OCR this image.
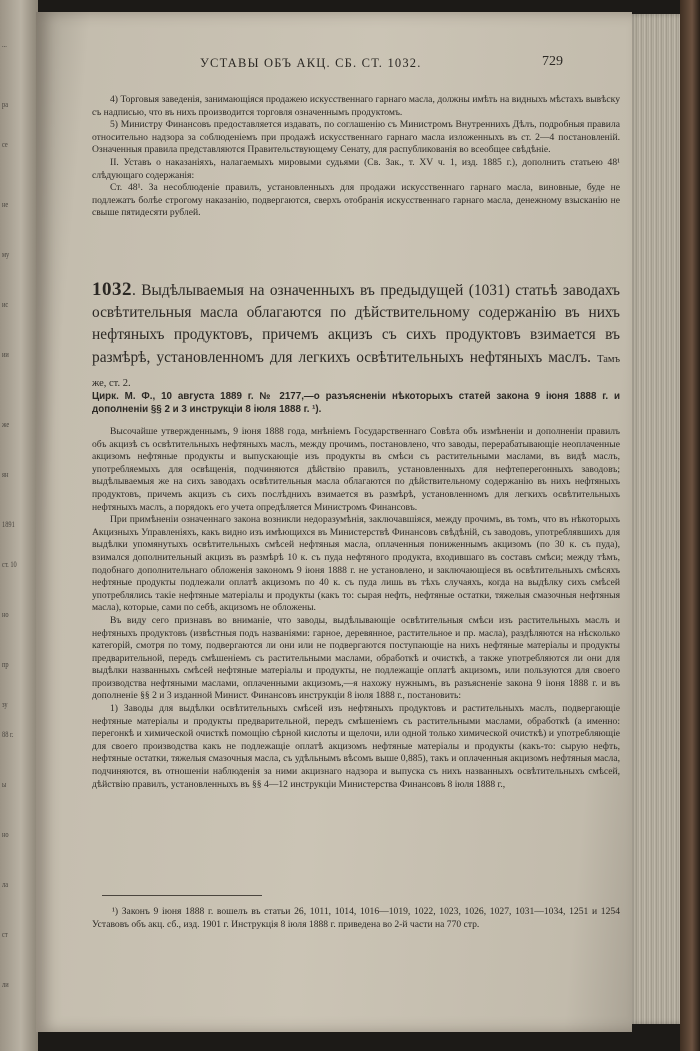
...
ра
се
не
му
ис
ии
же
ян
1891
ст. 10
но
пр
зу
88 г.
ы
но
ла
ст
ли
УСТАВЫ ОБЪ АКЦ. СБ. СТ. 1032.	729

4) Торговыя заведенія, занимающіяся продажею искусственнаго гарнаго масла, должны имѣть на видныхъ мѣстахъ вывѣску съ надписью, что въ нихъ производится торговля означеннымъ продуктомъ.

5) Министру Финансовъ предоставляется издавать, по соглашенію съ Министромъ Внутреннихъ Дѣлъ, подробныя правила относительно надзора за соблюденіемъ при продажѣ искусственнаго гарнаго масла изложенныхъ въ ст. 2—4 постановленій. Означенныя правила представляются Правительствующему Сенату, для распубликованія во всеобщее свѣдѣніе.

II. Уставъ о наказаніяхъ, налагаемыхъ мировыми судьями (Св. Зак., т. XV ч. 1, изд. 1885 г.), дополнить статьею 48¹ слѣдующаго содержанія:

Ст. 48¹. За несоблюденіе правилъ, установленныхъ для продажи искусственнаго гарнаго масла, виновные, буде не подлежатъ болѣе строгому наказанію, подвергаются, сверхъ отобранія искусственнаго гарнаго масла, денежному взысканію не свыше пятидесяти рублей.

1032. Выдѣлываемыя на означенныхъ въ предыдущей (1031) статьѣ заводахъ освѣтительныя масла облагаются по дѣйствительному содержанію въ нихъ нефтяныхъ продуктовъ, причемъ акцизъ съ сихъ продуктовъ взимается въ размѣрѣ, установленномъ для легкихъ освѣтительныхъ нефтяныхъ маслъ. Тамъ же, ст. 2.
Цирк. М. Ф., 10 августа 1889 г. № 2177,—о разъясненіи нѣкоторыхъ статей закона 9 іюня 1888 г. и дополненіи §§ 2 и 3 инструкціи 8 іюля 1888 г. ¹).

Высочайше утвержденнымъ, 9 іюня 1888 года, мнѣніемъ Государственнаго Совѣта объ измѣненіи и дополненіи правилъ объ акцизѣ съ освѣтительныхъ нефтяныхъ маслъ, между прочимъ, постановлено, что заводы, перерабатывающіе неоплаченные акцизомъ нефтяные продукты и выпускающіе изъ продукты въ смѣси съ растительными маслами, въ видѣ маслъ, употребляемыхъ для освѣщенія, подчиняются дѣйствію правилъ, установленныхъ для нефтеперегонныхъ заводовъ; выдѣлываемыя же на сихъ заводахъ освѣтительныя масла облагаются по дѣйствительному содержанію въ нихъ нефтяныхъ продуктовъ, причемъ акцизъ съ сихъ послѣднихъ взимается въ размѣрѣ, установленномъ для легкихъ освѣтительныхъ нефтяныхъ маслъ, а порядокъ его учета опредѣляется Министромъ Финансовъ.

При примѣненіи означеннаго закона возникли недоразумѣнія, заключавшіяся, между прочимъ, въ томъ, что въ нѣкоторыхъ Акцизныхъ Управленіяхъ, какъ видно изъ имѣющихся въ Министерствѣ Финансовъ свѣдѣній, съ заводовъ, употреблявшихъ для выдѣлки упомянутыхъ освѣтительныхъ смѣсей нефтяныя масла, оплаченныя пониженнымъ акцизомъ (по 30 к. съ пуда), взимался дополнительный акцизъ въ размѣрѣ 10 к. съ пуда нефтяного продукта, входившаго въ составъ смѣси; между тѣмъ, подобнаго дополнительнаго обложенія закономъ 9 іюня 1888 г. не установлено, и заключающіеся въ освѣтительныхъ смѣсяхъ нефтяные продукты подлежали оплатѣ акцизомъ по 40 к. съ пуда лишь въ тѣхъ случаяхъ, когда на выдѣлку сихъ смѣсей употреблялись такіе нефтяные матеріалы и продукты (какъ то: сырая нефть, нефтяные остатки, тяжелыя смазочныя нефтяныя масла), которые, сами по себѣ, акцизомъ не обложены.

Въ виду сего признавъ во вниманіе, что заводы, выдѣлывающіе освѣтительныя смѣси изъ растительныхъ маслъ и нефтяныхъ продуктовъ (извѣстныя подъ названіями: гарное, деревянное, растительное и пр. масла), раздѣляются на нѣсколько категорій, смотря по тому, подвергаются ли они или не подвергаются поступающіе на нихъ нефтяные матеріалы и продукты предварительной, передъ смѣшеніемъ съ растительными маслами, обработкѣ и очисткѣ, а также употребляются ли они для выдѣлки названныхъ смѣсей нефтяные матеріалы и продукты, не подлежащіе оплатѣ акцизомъ, или пользуются для своего производства нефтяными маслами, оплаченными акцизомъ,—я нахожу нужнымъ, въ разъясненіе закона 9 іюня 1888 г. и въ дополненіе §§ 2 и 3 изданной Минист. Финансовъ инструкціи 8 іюля 1888 г., постановить:

1) Заводы для выдѣлки освѣтительныхъ смѣсей изъ нефтяныхъ продуктовъ и растительныхъ маслъ, подвергающіе нефтяные матеріалы и продукты предварительной, передъ смѣшеніемъ съ растительными маслами, обработкѣ (а именно: перегонкѣ и химической очисткѣ помощію сѣрной кислоты и щелочи, или одной только химической очисткѣ) и употребляющіе для своего производства какъ не подлежащіе оплатѣ акцизомъ нефтяные матеріалы и продукты (какъ-то: сырую нефть, нефтяные остатки, тяжелыя смазочныя масла, съ удѣльнымъ вѣсомъ выше 0,885), такъ и оплаченныя акцизомъ нефтяныя масла, подчиняются, въ отношеніи наблюденія за ними акцизнаго надзора и выпуска съ нихъ названныхъ освѣтительныхъ смѣсей, дѣйствію правилъ, установленныхъ въ §§ 4—12 инструкціи Министерства Финансовъ 8 іюля 1888 г.,

¹) Законъ 9 іюня 1888 г. вошелъ въ статьи 26, 1011, 1014, 1016—1019, 1022, 1023, 1026, 1027, 1031—1034, 1251 и 1254 Уставовъ объ акц. сб., изд. 1901 г. Инструкція 8 іюля 1888 г. приведена во 2-й части на 770 стр.
